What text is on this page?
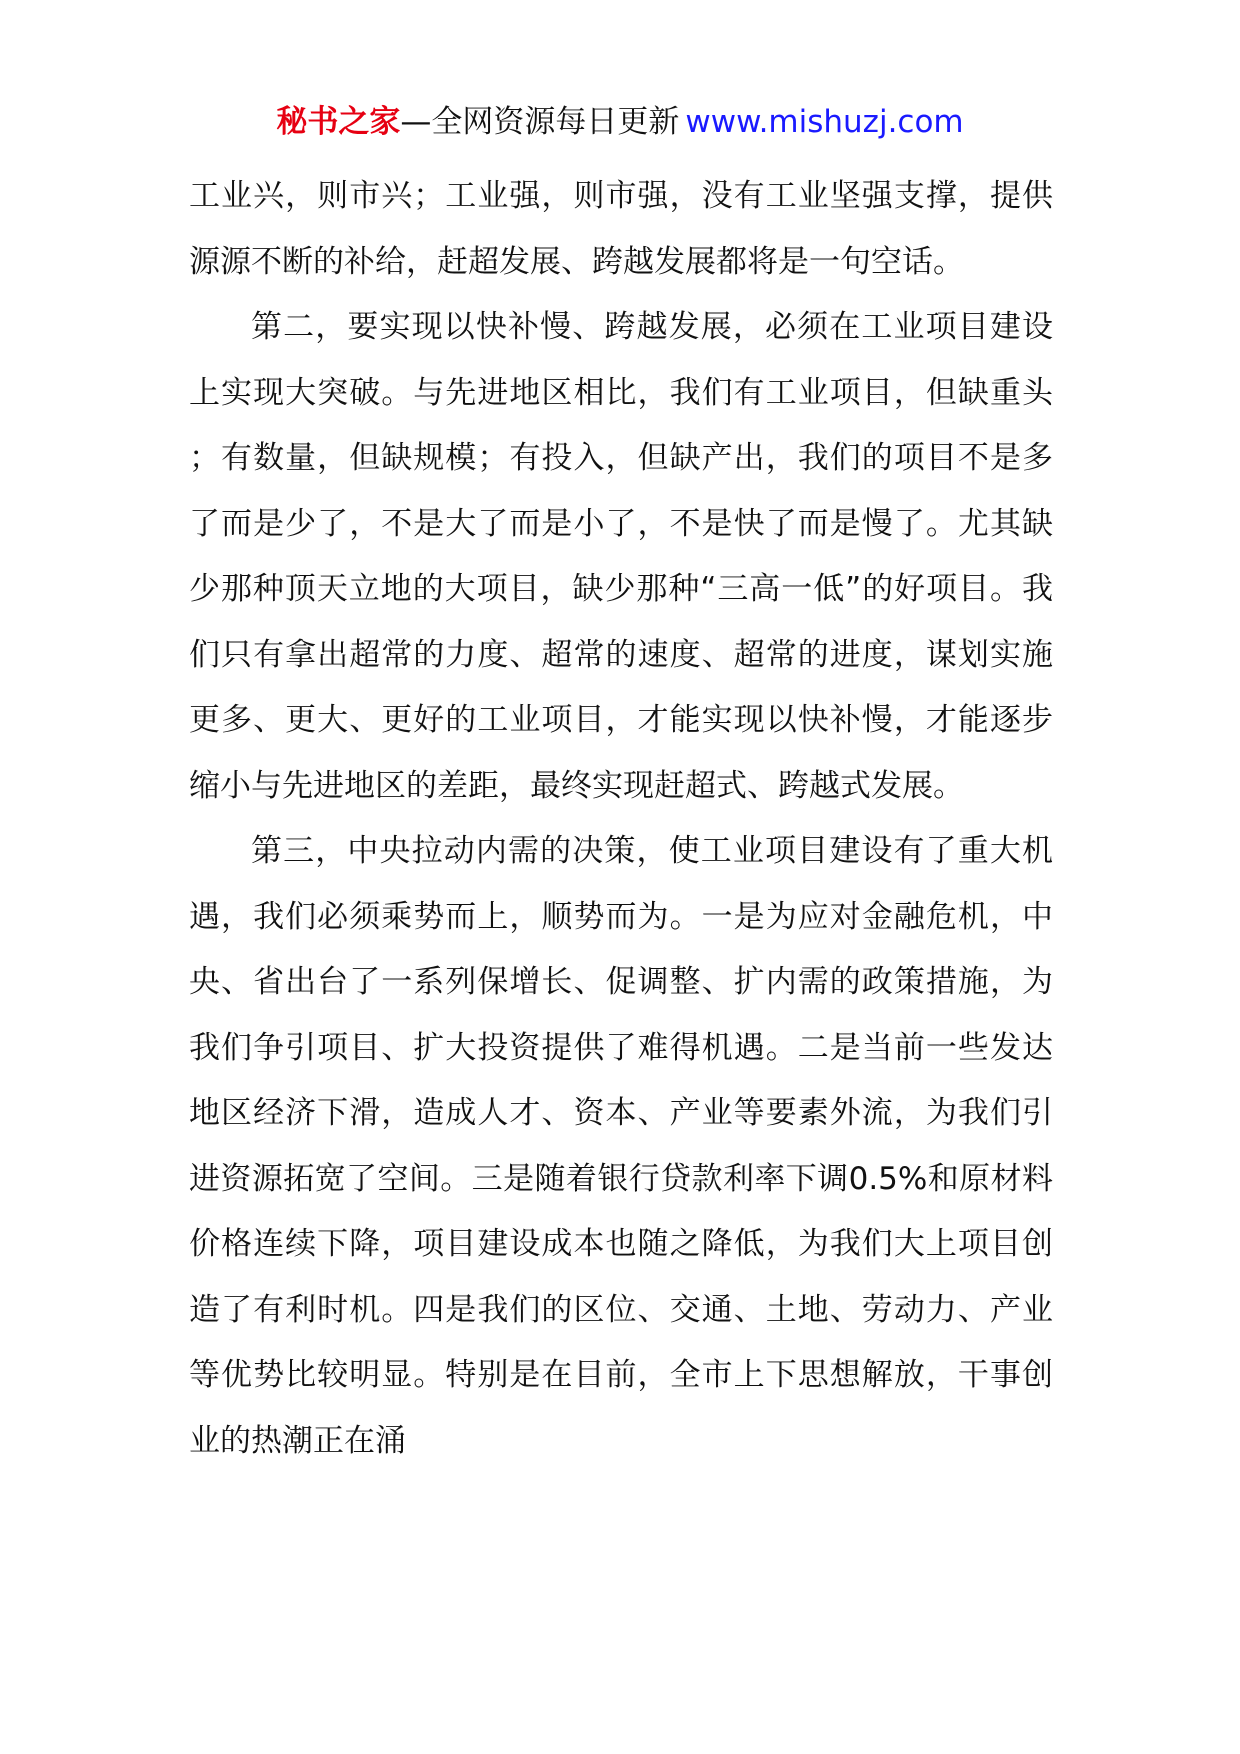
秘书之家—全网资源每日更新 www.mishuzj.com

工业兴，则市兴；工业强，则市强，没有工业坚强支撑，提供源源不断的补给，赶超发展、跨越发展都将是一句空话。

第二，要实现以快补慢、跨越发展，必须在工业项目建设上实现大突破。与先进地区相比，我们有工业项目，但缺重头；有数量，但缺规模；有投入，但缺产出，我们的项目不是多了而是少了，不是大了而是小了，不是快了而是慢了。尤其缺少那种顶天立地的大项目，缺少那种“三高一低”的好项目。我们只有拿出超常的力度、超常的速度、超常的进度，谋划实施更多、更大、更好的工业项目，才能实现以快补慢，才能逐步缩小与先进地区的差距，最终实现赶超式、跨越式发展。

第三，中央拉动内需的决策，使工业项目建设有了重大机遇，我们必须乘势而上，顺势而为。一是为应对金融危机，中央、省出台了一系列保增长、促调整、扩内需的政策措施，为我们争引项目、扩大投资提供了难得机遇。二是当前一些发达地区经济下滑，造成人才、资本、产业等要素外流，为我们引进资源拓宽了空间。三是随着银行贷款利率下调0.5%和原材料价格连续下降，项目建设成本也随之降低，为我们大上项目创造了有利时机。四是我们的区位、交通、土地、劳动力、产业等优势比较明显。特别是在目前，全市上下思想解放，干事创业的热潮正在涌
